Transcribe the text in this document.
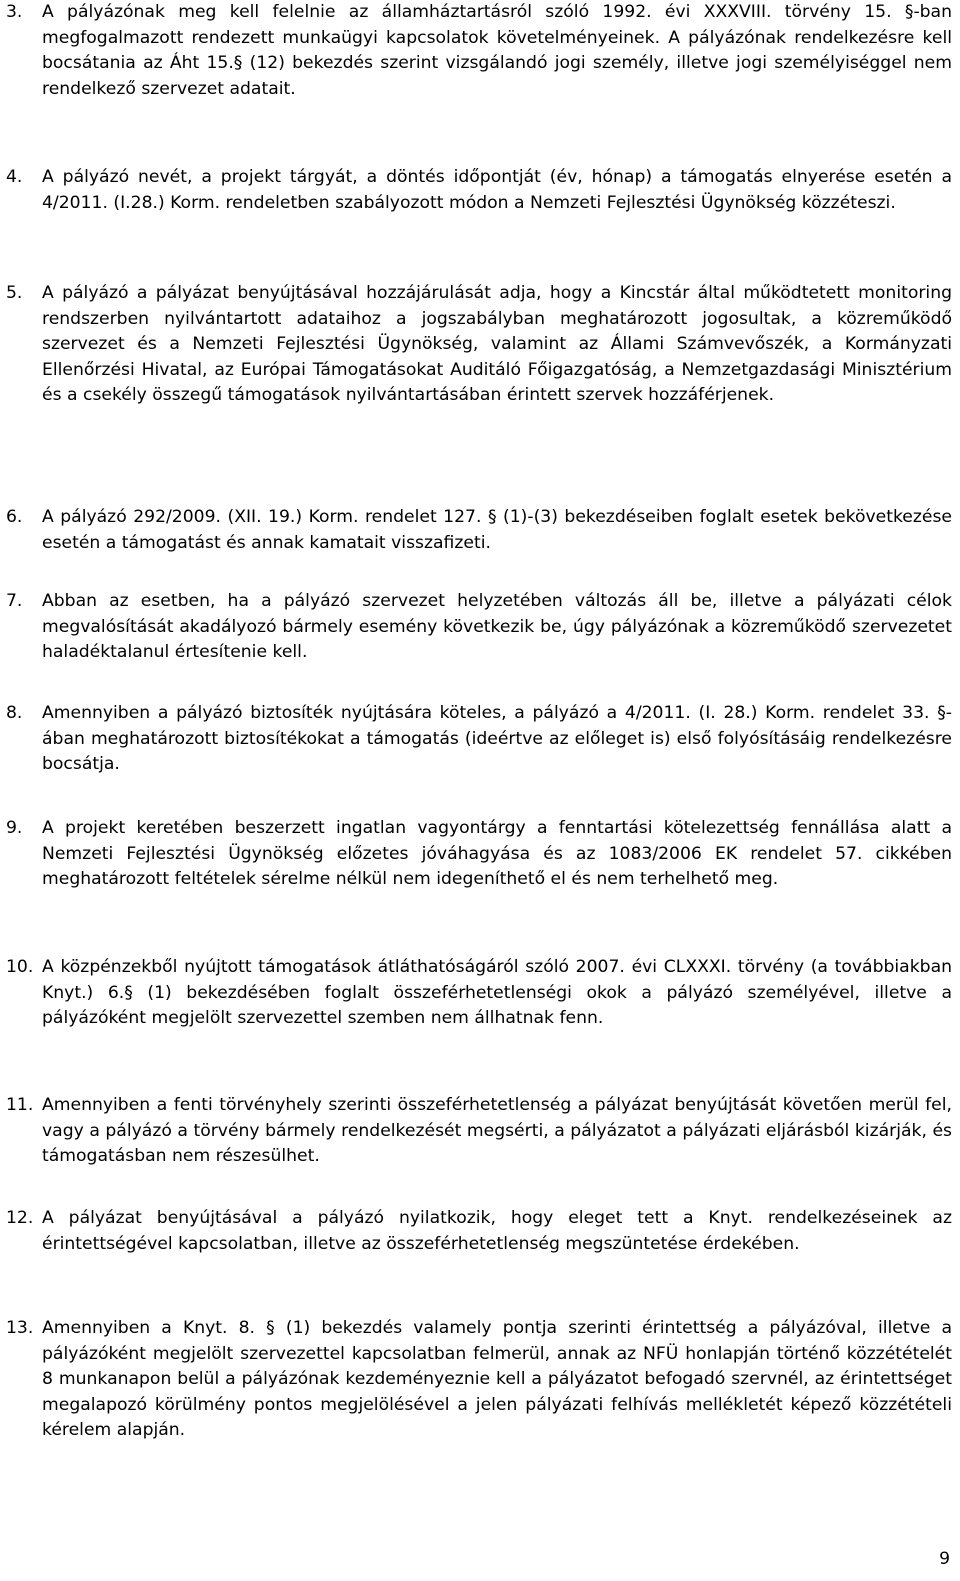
3. A pályázónak meg kell felelnie az államháztartásról szóló 1992. évi XXXVIII. törvény 15. §-ban megfogalmazott rendezett munkaügyi kapcsolatok követelményeinek. A pályázónak rendelkezésre kell bocsátania az Áht 15.§ (12) bekezdés szerint vizsgálandó jogi személy, illetve jogi személyiséggel nem rendelkező szervezet adatait.
4. A pályázó nevét, a projekt tárgyát, a döntés időpontját (év, hónap) a támogatás elnyerése esetén a 4/2011. (I.28.) Korm. rendeletben szabályozott módon a Nemzeti Fejlesztési Ügynökség közzéteszi.
5. A pályázó a pályázat benyújtásával hozzájárulását adja, hogy a Kincstár által működtetett monitoring rendszerben nyilvántartott adataihoz a jogszabályban meghatározott jogosultak, a közreműködő szervezet és a Nemzeti Fejlesztési Ügynökség, valamint az Állami Számvevőszék, a Kormányzati Ellenőrzési Hivatal, az Európai Támogatásokat Auditáló Főigazgatóság, a Nemzetgazdasági Minisztérium és a csekély összegű támogatások nyilvántartásában érintett szervek hozzáférjenek.
6. A pályázó 292/2009. (XII. 19.) Korm. rendelet 127. § (1)-(3) bekezdéseiben foglalt esetek bekövetkezése esetén a támogatást és annak kamatait visszafizeti.
7. Abban az esetben, ha a pályázó szervezet helyzetében változás áll be, illetve a pályázati célok megvalósítását akadályozó bármely esemény következik be, úgy pályázónak a közreműködő szervezetet haladéktalanul értesítenie kell.
8. Amennyiben a pályázó biztosíték nyújtására köteles, a pályázó a 4/2011. (I. 28.) Korm. rendelet 33. §-ában meghatározott biztosítékokat a támogatás (ideértve az előleget is) első folyósításáig rendelkezésre bocsátja.
9. A projekt keretében beszerzett ingatlan vagyontárgy a fenntartási kötelezettség fennállása alatt a Nemzeti Fejlesztési Ügynökség előzetes jóváhagyása és az 1083/2006 EK rendelet 57. cikkében meghatározott feltételek sérelme nélkül nem idegeníthető el és nem terhelhető meg.
10. A közpénzekből nyújtott támogatások átláthatóságáról szóló 2007. évi CLXXXI. törvény (a továbbiakban Knyt.) 6.§ (1) bekezdésében foglalt összeférhetetlenségi okok a pályázó személyével, illetve a pályázóként megjelölt szervezettel szemben nem állhatnak fenn.
11. Amennyiben a fenti törvényhely szerinti összeférhetetlenség a pályázat benyújtását követően merül fel, vagy a pályázó a törvény bármely rendelkezését megsérti, a pályázatot a pályázati eljárásból kizárják, és támogatásban nem részesülhet.
12. A pályázat benyújtásával a pályázó nyilatkozik, hogy eleget tett a Knyt. rendelkezéseinek az érintettségével kapcsolatban, illetve az összeférhetetlenség megszüntetése érdekében.
13. Amennyiben a Knyt. 8. § (1) bekezdés valamely pontja szerinti érintettség a pályázóval, illetve a pályázóként megjelölt szervezettel kapcsolatban felmerül, annak az NFÜ honlapján történő közzétételét 8 munkanapon belül a pályázónak kezdeményeznie kell a pályázatot befogadó szervnél, az érintettséget megalapozó körülmény pontos megjelölésével a jelen pályázati felhívás mellékletét képező közzétételi kérelem alapján.
9
